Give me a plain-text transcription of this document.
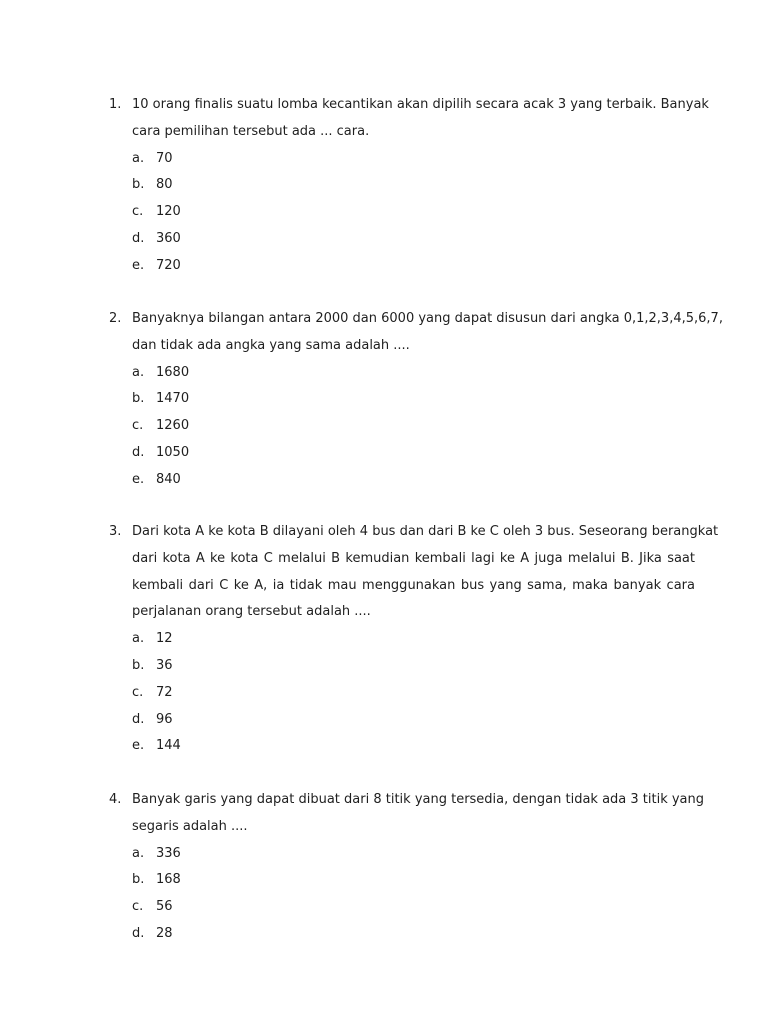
1. 10 orang finalis suatu lomba kecantikan akan dipilih secara acak 3 yang terbaik. Banyak
cara pemilihan tersebut ada ... cara.
a. 70
b. 80
c. 120
d. 360
e. 720
2. Banyaknya bilangan antara 2000 dan 6000 yang dapat disusun dari angka 0,1,2,3,4,5,6,7,
dan tidak ada angka yang sama adalah ....
a. 1680
b. 1470
c. 1260
d. 1050
e. 840
3. Dari kota A ke kota B dilayani oleh 4 bus dan dari B ke C oleh 3 bus. Seseorang berangkat
dari kota A ke kota C melalui B kemudian kembali lagi ke A juga melalui B. Jika saat
kembali dari C ke A, ia tidak mau menggunakan bus yang sama, maka banyak cara
perjalanan orang tersebut adalah ....
a. 12
b. 36
c. 72
d. 96
e. 144
4. Banyak garis yang dapat dibuat dari 8 titik yang tersedia, dengan tidak ada 3 titik yang
segaris adalah ....
a. 336
b. 168
c. 56
d. 28
